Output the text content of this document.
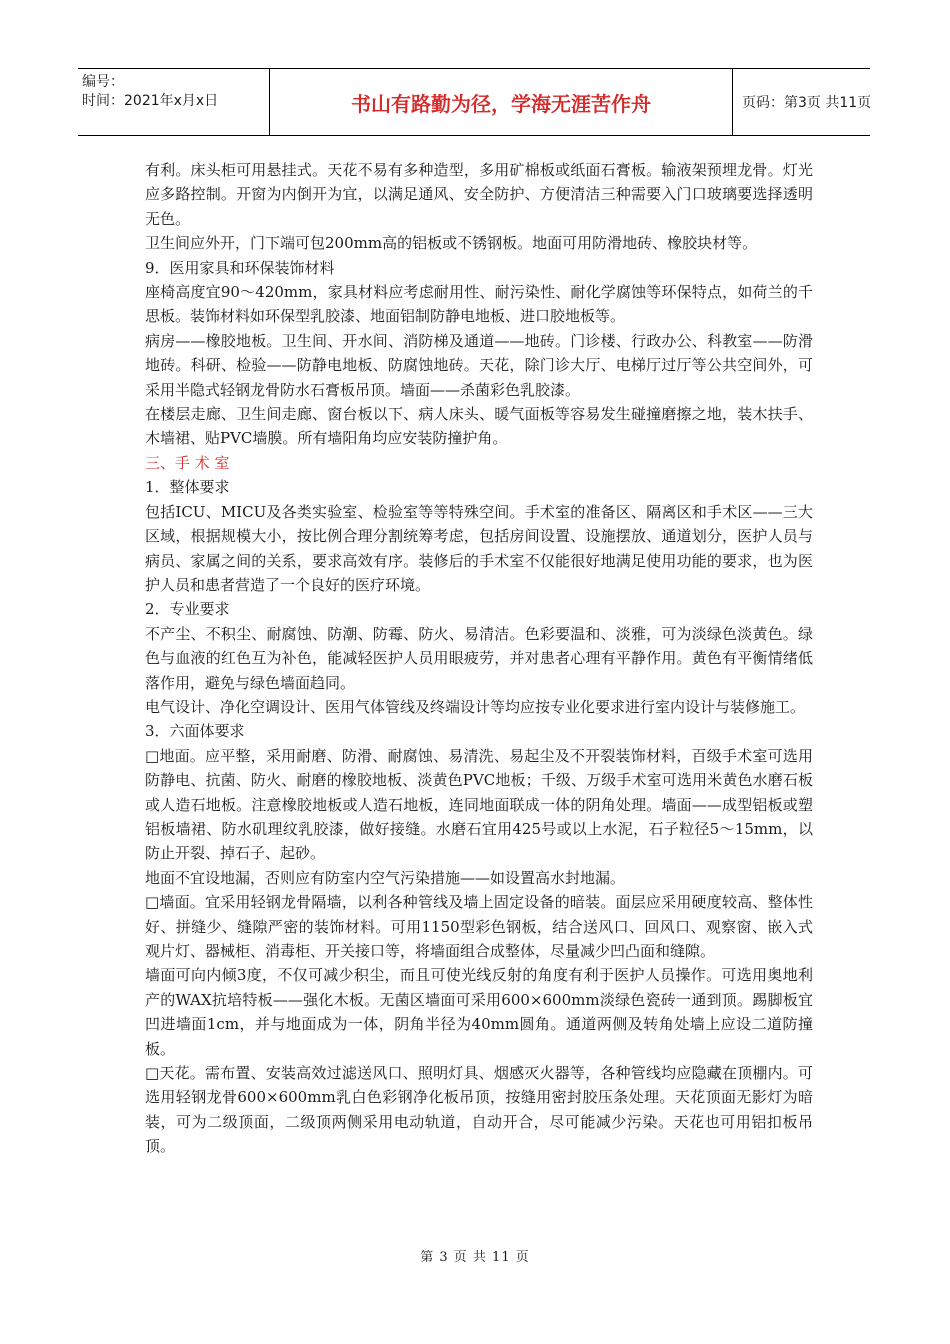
编号：
时间：2021年x月x日	书山有路勤为径，学海无涯苦作舟	页码：第3页 共11页

有利。床头柜可用悬挂式。天花不易有多种造型，多用矿棉板或纸面石膏板。输液架预埋龙骨。灯光应多路控制。开窗为内倒开为宜，以满足通风、安全防护、方便清洁三种需要入门口玻璃要选择透明无色。

卫生间应外开，门下端可包200mm高的铝板或不锈钢板。地面可用防滑地砖、橡胶块材等。

9．医用家具和环保装饰材料

座椅高度宜90～420mm，家具材料应考虑耐用性、耐污染性、耐化学腐蚀等环保特点，如荷兰的千思板。装饰材料如环保型乳胶漆、地面铝制防静电地板、进口胶地板等。

病房——橡胶地板。卫生间、开水间、消防梯及通道——地砖。门诊楼、行政办公、科教室——防滑地砖。科研、检验——防静电地板、防腐蚀地砖。天花，除门诊大厅、电梯厅过厅等公共空间外，可采用半隐式轻钢龙骨防水石膏板吊顶。墙面——杀菌彩色乳胶漆。

在楼层走廊、卫生间走廊、窗台板以下、病人床头、暖气面板等容易发生碰撞磨擦之地，装木扶手、木墙裙、贴PVC墙膜。所有墙阳角均应安装防撞护角。

三、手 术 室

1．整体要求

包括ICU、MICU及各类实验室、检验室等等特殊空间。手术室的准备区、隔离区和手术区——三大区域，根据规模大小，按比例合理分割统筹考虑，包括房间设置、设施摆放、通道划分，医护人员与病员、家属之间的关系，要求高效有序。装修后的手术室不仅能很好地满足使用功能的要求，也为医护人员和患者营造了一个良好的医疗环境。

2．专业要求

不产尘、不积尘、耐腐蚀、防潮、防霉、防火、易清洁。色彩要温和、淡雅，可为淡绿色淡黄色。绿色与血液的红色互为补色，能减轻医护人员用眼疲劳，并对患者心理有平静作用。黄色有平衡情绪低落作用，避免与绿色墙面趋同。

电气设计、净化空调设计、医用气体管线及终端设计等均应按专业化要求进行室内设计与装修施工。

3．六面体要求

□地面。应平整，采用耐磨、防滑、耐腐蚀、易清洗、易起尘及不开裂装饰材料，百级手术室可选用防静电、抗菌、防火、耐磨的橡胶地板、淡黄色PVC地板；千级、万级手术室可选用米黄色水磨石板或人造石地板。注意橡胶地板或人造石地板，连同地面联成一体的阴角处理。墙面——成型铝板或塑铝板墙裙、防水矶理纹乳胶漆，做好接缝。水磨石宜用425号或以上水泥，石子粒径5～15mm，以防止开裂、掉石子、起砂。

地面不宜设地漏，否则应有防室内空气污染措施——如设置高水封地漏。

□墙面。宜采用轻钢龙骨隔墙，以利各种管线及墙上固定设备的暗装。面层应采用硬度较高、整体性好、拼缝少、缝隙严密的装饰材料。可用1150型彩色钢板，结合送风口、回风口、观察窗、嵌入式观片灯、器械柜、消毒柜、开关接口等，将墙面组合成整体，尽量减少凹凸面和缝隙。

墙面可向内倾3度，不仅可减少积尘，而且可使光线反射的角度有利于医护人员操作。可选用奥地利产的WAX抗培特板——强化木板。无菌区墙面可采用600×600mm淡绿色瓷砖一通到顶。踢脚板宜凹进墙面1cm，并与地面成为一体，阴角半径为40mm圆角。通道两侧及转角处墙上应设二道防撞板。

□天花。需布置、安装高效过滤送风口、照明灯具、烟感灭火器等，各种管线均应隐藏在顶棚内。可选用轻钢龙骨600×600mm乳白色彩钢净化板吊顶，按缝用密封胶压条处理。天花顶面无影灯为暗装，可为二级顶面，二级顶两侧采用电动轨道，自动开合，尽可能减少污染。天花也可用铝扣板吊顶。

第 3 页 共 11 页
